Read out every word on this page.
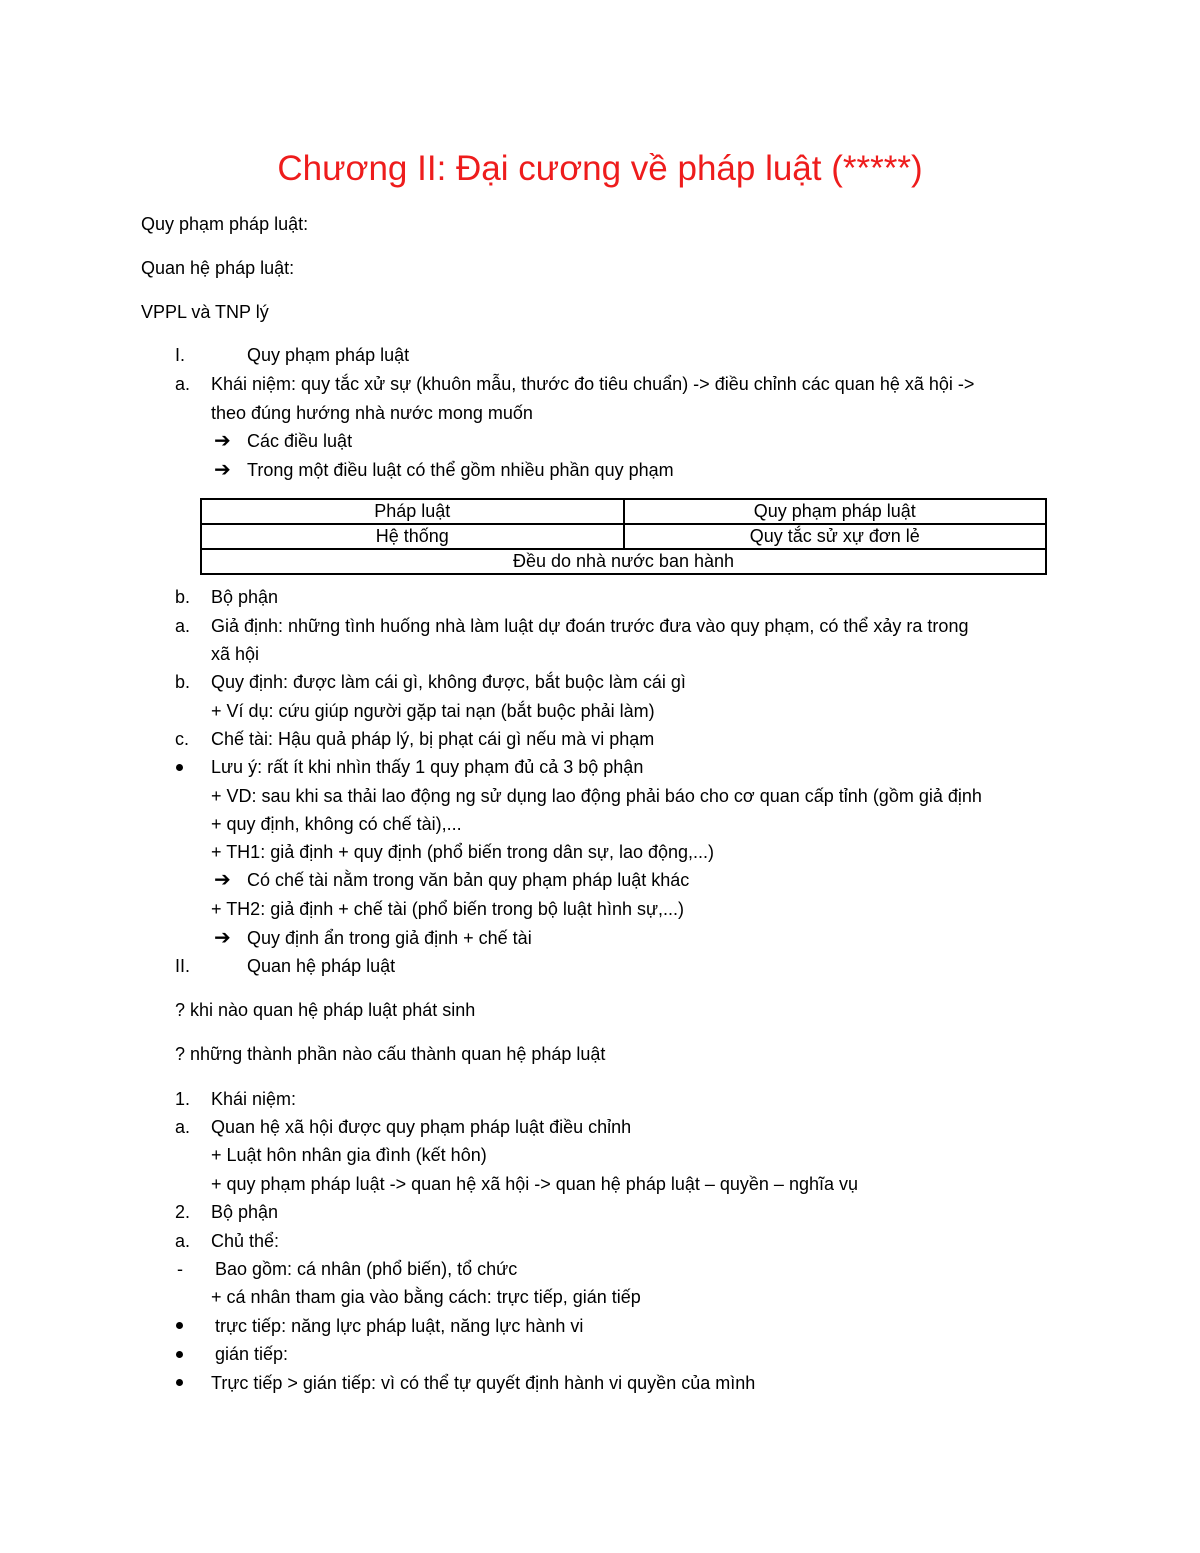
Chương II: Đại cương về pháp luật (*****)
Quy phạm pháp luật:
Quan hệ pháp luật:
VPPL và TNP lý
I.	Quy phạm pháp luật
a. Khái niệm: quy tắc xử sự (khuôn mẫu, thước đo tiêu chuẩn) -> điều chỉnh các quan hệ xã hội ->
theo đúng hướng nhà nước mong muốn
➔ Các điều luật
➔ Trong một điều luật có thể gồm nhiều phần quy phạm
Pháp luật	Quy phạm pháp luật
Hệ thống	Quy tắc sử xự đơn lẻ
Đều do nhà nước ban hành	
b. Bộ phận
a. Giả định: những tình huống nhà làm luật dự đoán trước đưa vào quy phạm, có thể xảy ra trong
xã hội
b. Quy định: được làm cái gì, không được, bắt buộc làm cái gì
+ Ví dụ: cứu giúp người gặp tai nạn (bắt buộc phải làm)
c. Chế tài: Hậu quả pháp lý, bị phạt cái gì nếu mà vi phạm
Lưu ý: rất ít khi nhìn thấy 1 quy phạm đủ cả 3 bộ phận
+ VD: sau khi sa thải lao động ng sử dụng lao động phải báo cho cơ quan cấp tỉnh (gồm giả định
+ quy định, không có chế tài),...
+ TH1: giả định + quy định (phổ biến trong dân sự, lao động,...)
➔ Có chế tài nằm trong văn bản quy phạm pháp luật khác
+ TH2: giả định + chế tài (phổ biến trong bộ luật hình sự,...)
➔ Quy định ẩn trong giả định + chế tài
II.	Quan hệ pháp luật
? khi nào quan hệ pháp luật phát sinh
? những thành phần nào cấu thành quan hệ pháp luật
1. Khái niệm:
a. Quan hệ xã hội được quy phạm pháp luật điều chỉnh
+ Luật hôn nhân gia đình (kết hôn)
+ quy phạm pháp luật -> quan hệ xã hội -> quan hệ pháp luật – quyền – nghĩa vụ
2. Bộ phận
a. Chủ thể:
- Bao gồm: cá nhân (phổ biến), tổ chức
+ cá nhân tham gia vào bằng cách: trực tiếp, gián tiếp
trực tiếp: năng lực pháp luật, năng lực hành vi
gián tiếp:
Trực tiếp > gián tiếp: vì có thể tự quyết định hành vi quyền của mình
